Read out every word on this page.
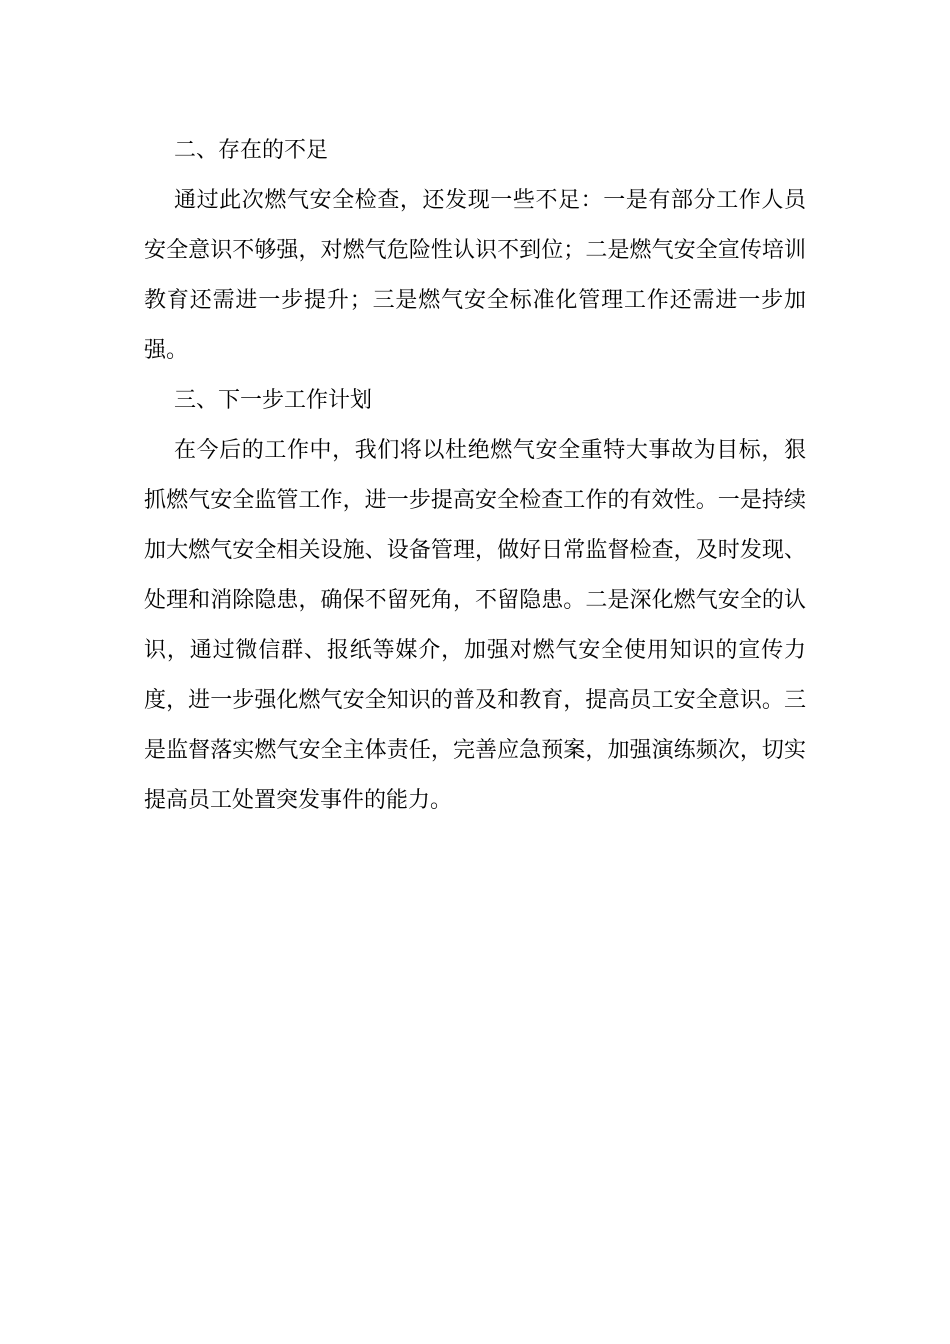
二、存在的不足

通过此次燃气安全检查，还发现一些不足：一是有部分工作人员安全意识不够强，对燃气危险性认识不到位；二是燃气安全宣传培训教育还需进一步提升；三是燃气安全标准化管理工作还需进一步加强。

三、下一步工作计划

在今后的工作中，我们将以杜绝燃气安全重特大事故为目标，狠抓燃气安全监管工作，进一步提高安全检查工作的有效性。一是持续加大燃气安全相关设施、设备管理，做好日常监督检查，及时发现、处理和消除隐患，确保不留死角，不留隐患。二是深化燃气安全的认识，通过微信群、报纸等媒介，加强对燃气安全使用知识的宣传力度，进一步强化燃气安全知识的普及和教育，提高员工安全意识。三是监督落实燃气安全主体责任，完善应急预案，加强演练频次，切实提高员工处置突发事件的能力。
